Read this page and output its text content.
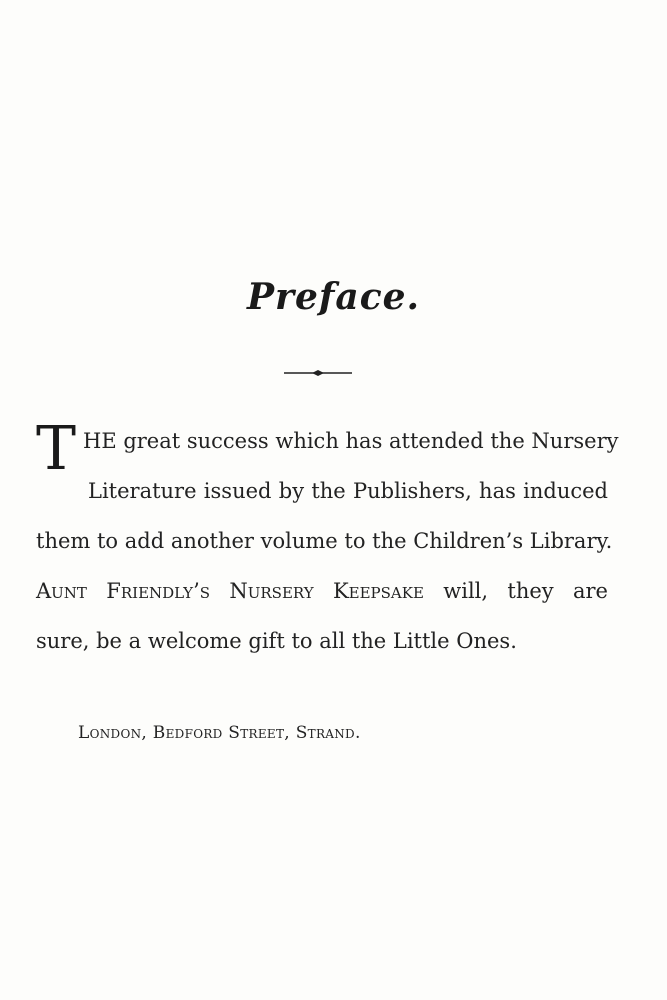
Preface.
T HE great success which has attended the Nursery
Literature issued by the Publishers, has induced
them to add another volume to the Children’s Library.
Aunt Friendly’s Nursery Keepsake will, they are
sure, be a welcome gift to all the Little Ones.
London, Bedford Street, Strand.
